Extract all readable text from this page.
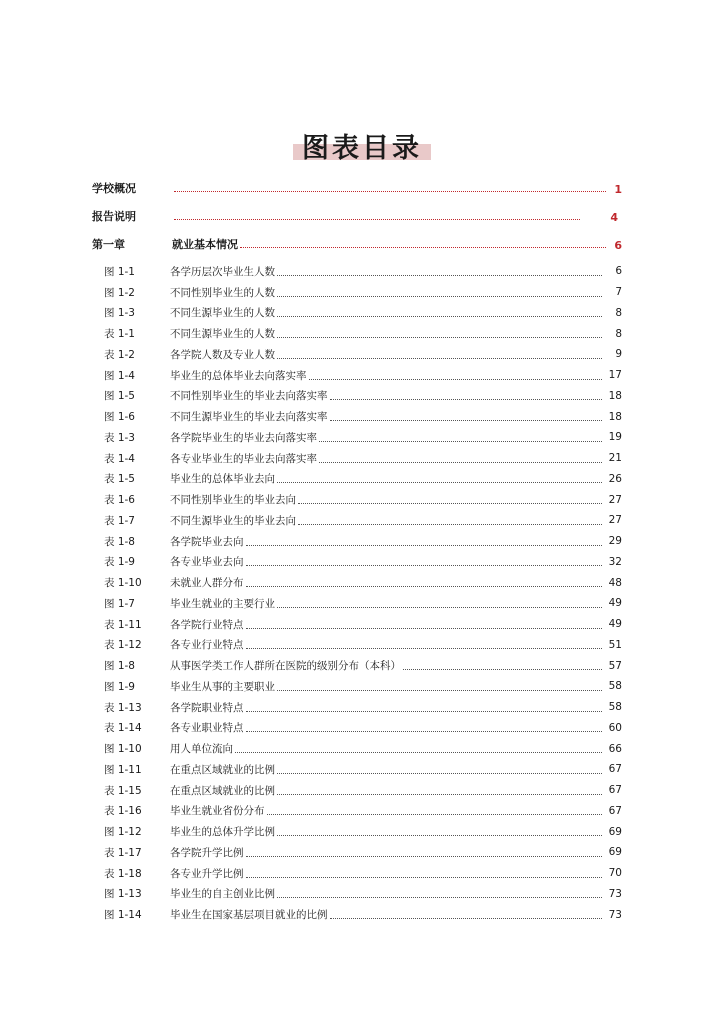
图表目录
学校概况	1
报告说明	4
第一章	就业基本情况	6
图 1-1	各学历层次毕业生人数	6
图 1-2	不同性别毕业生的人数	7
图 1-3	不同生源毕业生的人数	8
表 1-1	不同生源毕业生的人数	8
表 1-2	各学院人数及专业人数	9
图 1-4	毕业生的总体毕业去向落实率	17
图 1-5	不同性别毕业生的毕业去向落实率	18
图 1-6	不同生源毕业生的毕业去向落实率	18
表 1-3	各学院毕业生的毕业去向落实率	19
表 1-4	各专业毕业生的毕业去向落实率	21
表 1-5	毕业生的总体毕业去向	26
表 1-6	不同性别毕业生的毕业去向	27
表 1-7	不同生源毕业生的毕业去向	27
表 1-8	各学院毕业去向	29
表 1-9	各专业毕业去向	32
表 1-10	未就业人群分布	48
图 1-7	毕业生就业的主要行业	49
表 1-11	各学院行业特点	49
表 1-12	各专业行业特点	51
图 1-8	从事医学类工作人群所在医院的级别分布（本科）	57
图 1-9	毕业生从事的主要职业	58
表 1-13	各学院职业特点	58
表 1-14	各专业职业特点	60
图 1-10	用人单位流向	66
图 1-11	在重点区域就业的比例	67
表 1-15	在重点区域就业的比例	67
表 1-16	毕业生就业省份分布	67
图 1-12	毕业生的总体升学比例	69
表 1-17	各学院升学比例	69
表 1-18	各专业升学比例	70
图 1-13	毕业生的自主创业比例	73
图 1-14	毕业生在国家基层项目就业的比例	73
